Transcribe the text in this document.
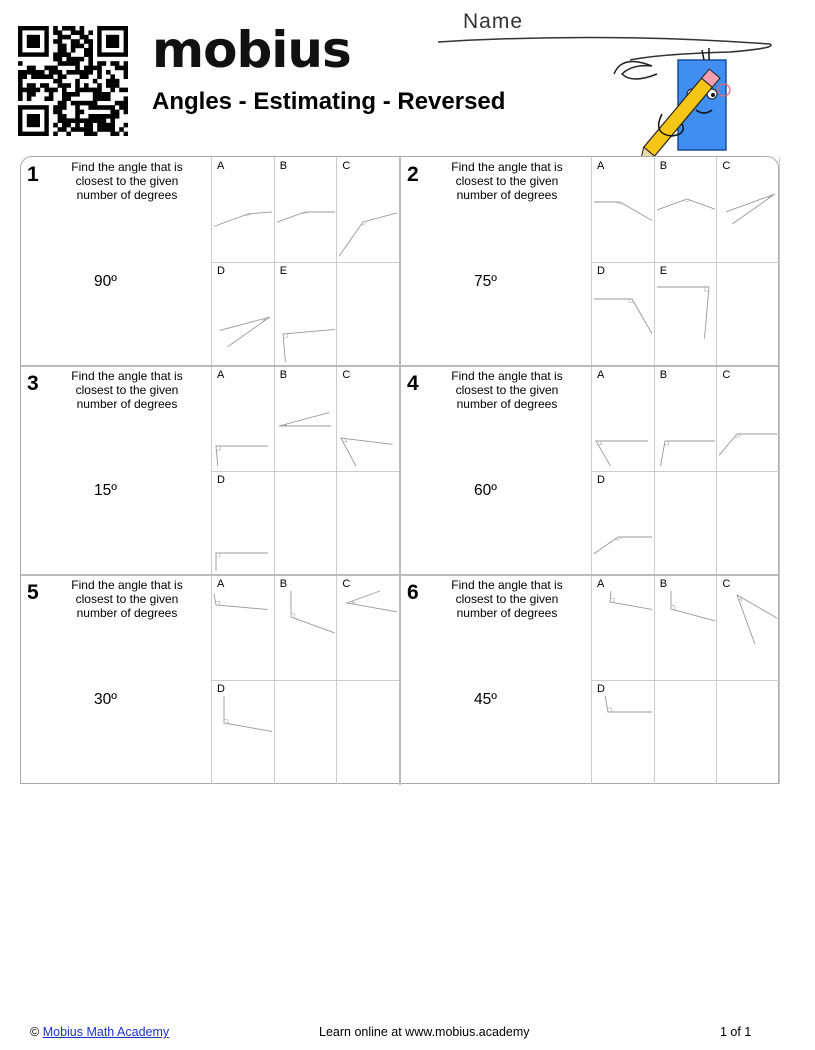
mobius
Angles - Estimating - Reversed
Name
1	Find the angle that is closest to the given number of degrees
90º
A	B	C
D	E
2	Find the angle that is closest to the given number of degrees
75º
A	B	C
D	E
3	Find the angle that is closest to the given number of degrees
15º
A	B	C
D
4	Find the angle that is closest to the given number of degrees
60º
A	B	C
D
5	Find the angle that is closest to the given number of degrees
30º
A	B	C
D
6	Find the angle that is closest to the given number of degrees
45º
A	B	C
D
© Mobius Math Academy	Learn online at www.mobius.academy	1 of 1
